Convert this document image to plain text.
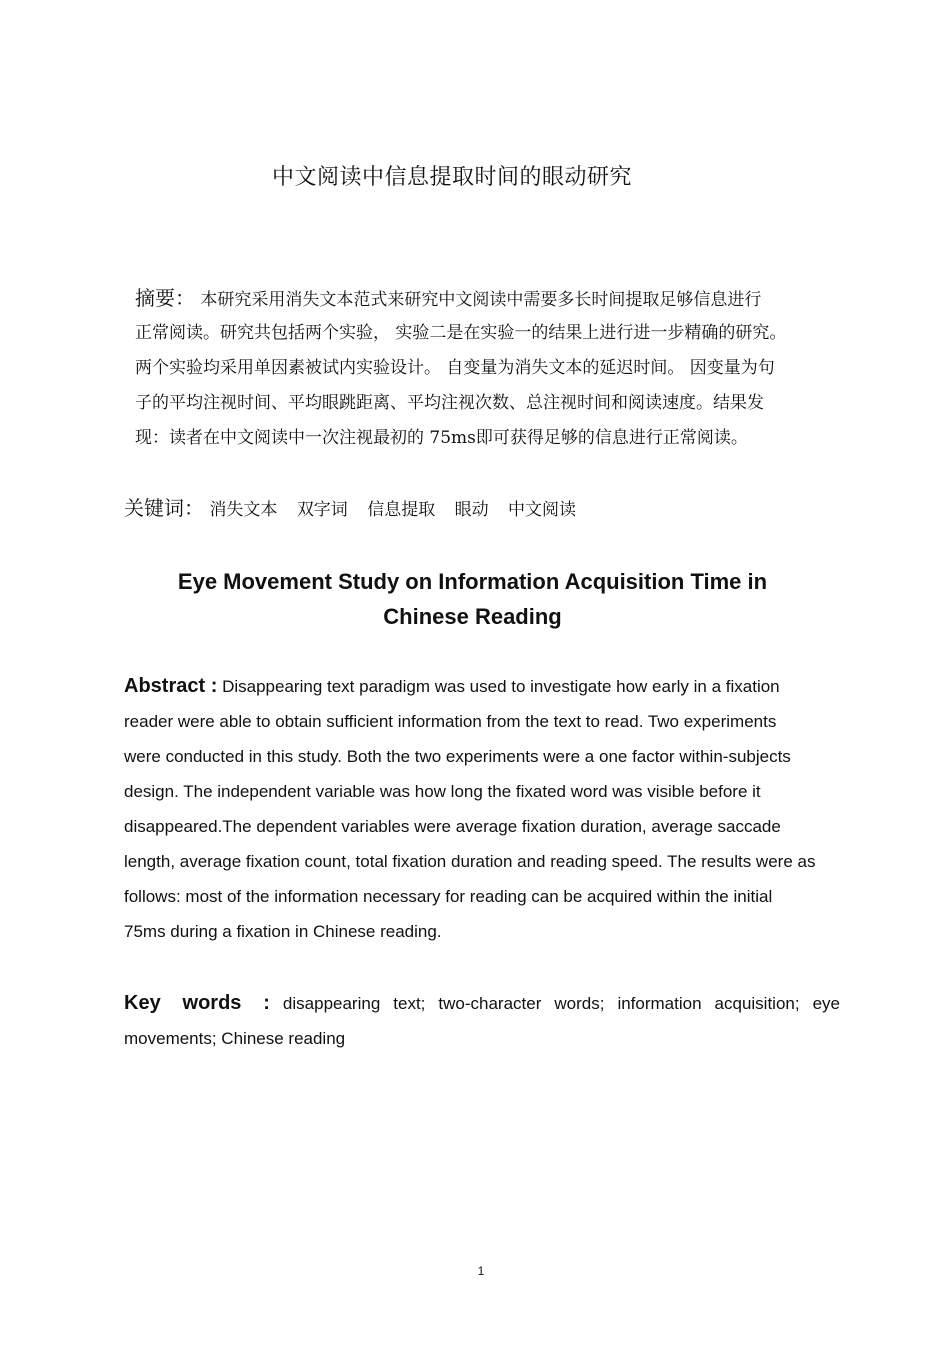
中文阅读中信息提取时间的眼动研究
摘要： 本研究采用消失文本范式来研究中文阅读中需要多长时间提取足够信息进行
正常阅读。研究共包括两个实验， 实验二是在实验一的结果上进行进一步精确的研究。
两个实验均采用单因素被试内实验设计。 自变量为消失文本的延迟时间。 因变量为句
子的平均注视时间、平均眼跳距离、平均注视次数、总注视时间和阅读速度。结果发
现：读者在中文阅读中一次注视最初的 75ms即可获得足够的信息进行正常阅读。
关键词： 消失文本 双字词 信息提取 眼动 中文阅读
Eye Movement Study on Information Acquisition Time in
Chinese Reading
Abstract : Disappearing text paradigm was used to investigate how early in a fixation
reader were able to obtain sufficient information from the text to read. Two experiments
were conducted in this study. Both the two experiments were a one factor within-subjects
design. The independent variable was how long the fixated word was visible before it
disappeared.The dependent variables were average fixation duration, average saccade
length, average fixation count, total fixation duration and reading speed. The results were as
follows: most of the information necessary for reading can be acquired within the initial
75ms during a fixation in Chinese reading.
Key words : disappearing text; two-character words; information acquisition; eye
movements; Chinese reading
1
